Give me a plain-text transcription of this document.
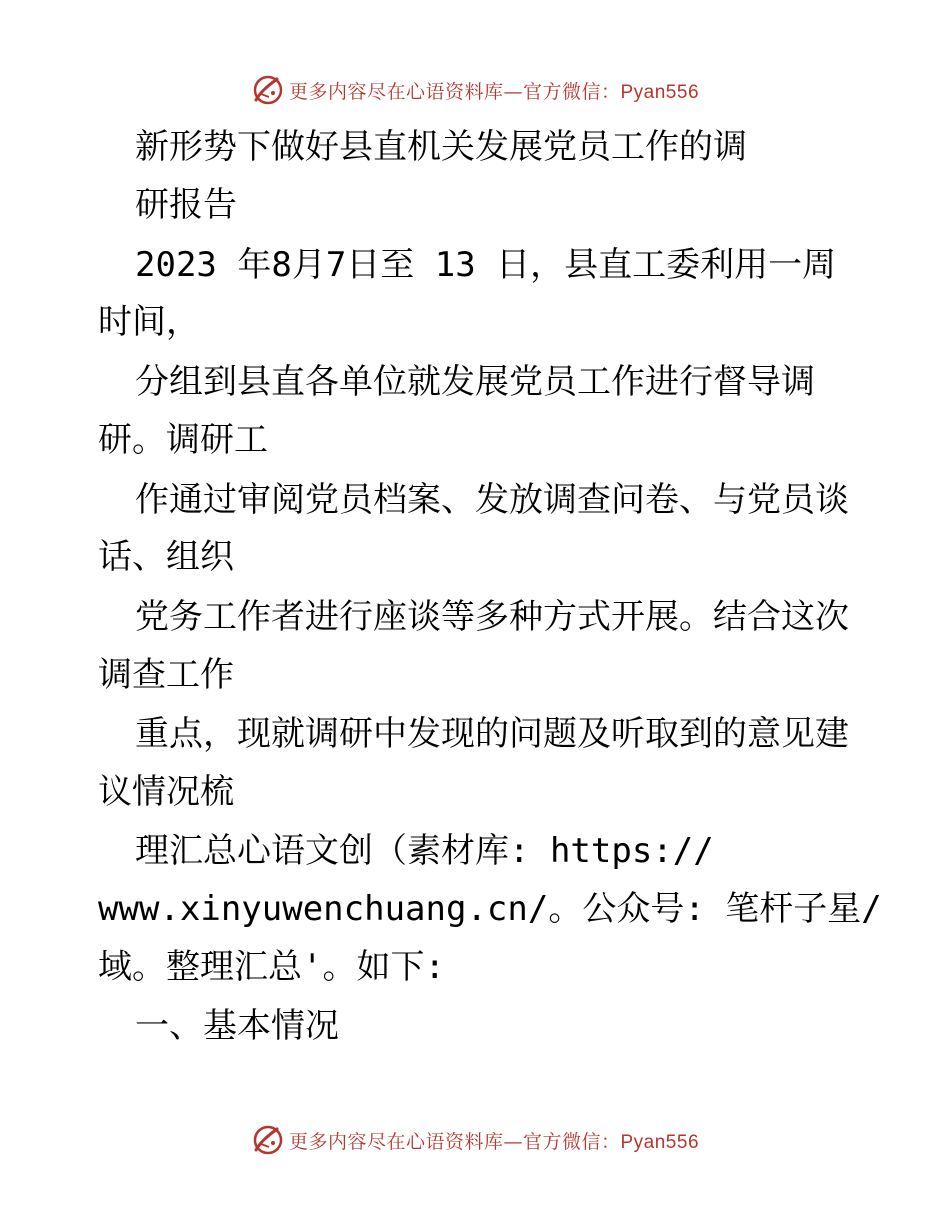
更多内容尽在心语资料库—官方微信：Pyan556
新形势下做好县直机关发展党员工作的调
研报告
2023 年8月7日至 13 日，县直工委利用一周
时间，
分组到县直各单位就发展党员工作进行督导调
研。调研工
作通过审阅党员档案、发放调查问卷、与党员谈
话、组织
党务工作者进行座谈等多种方式开展。结合这次
调查工作
重点，现就调研中发现的问题及听取到的意见建
议情况梳
理汇总心语文创（素材库: https://
www.xinyuwenchuang.cn/。公众号: 笔杆子星/
域。整理汇总'。如下:
一、基本情况
更多内容尽在心语资料库—官方微信：Pyan556
